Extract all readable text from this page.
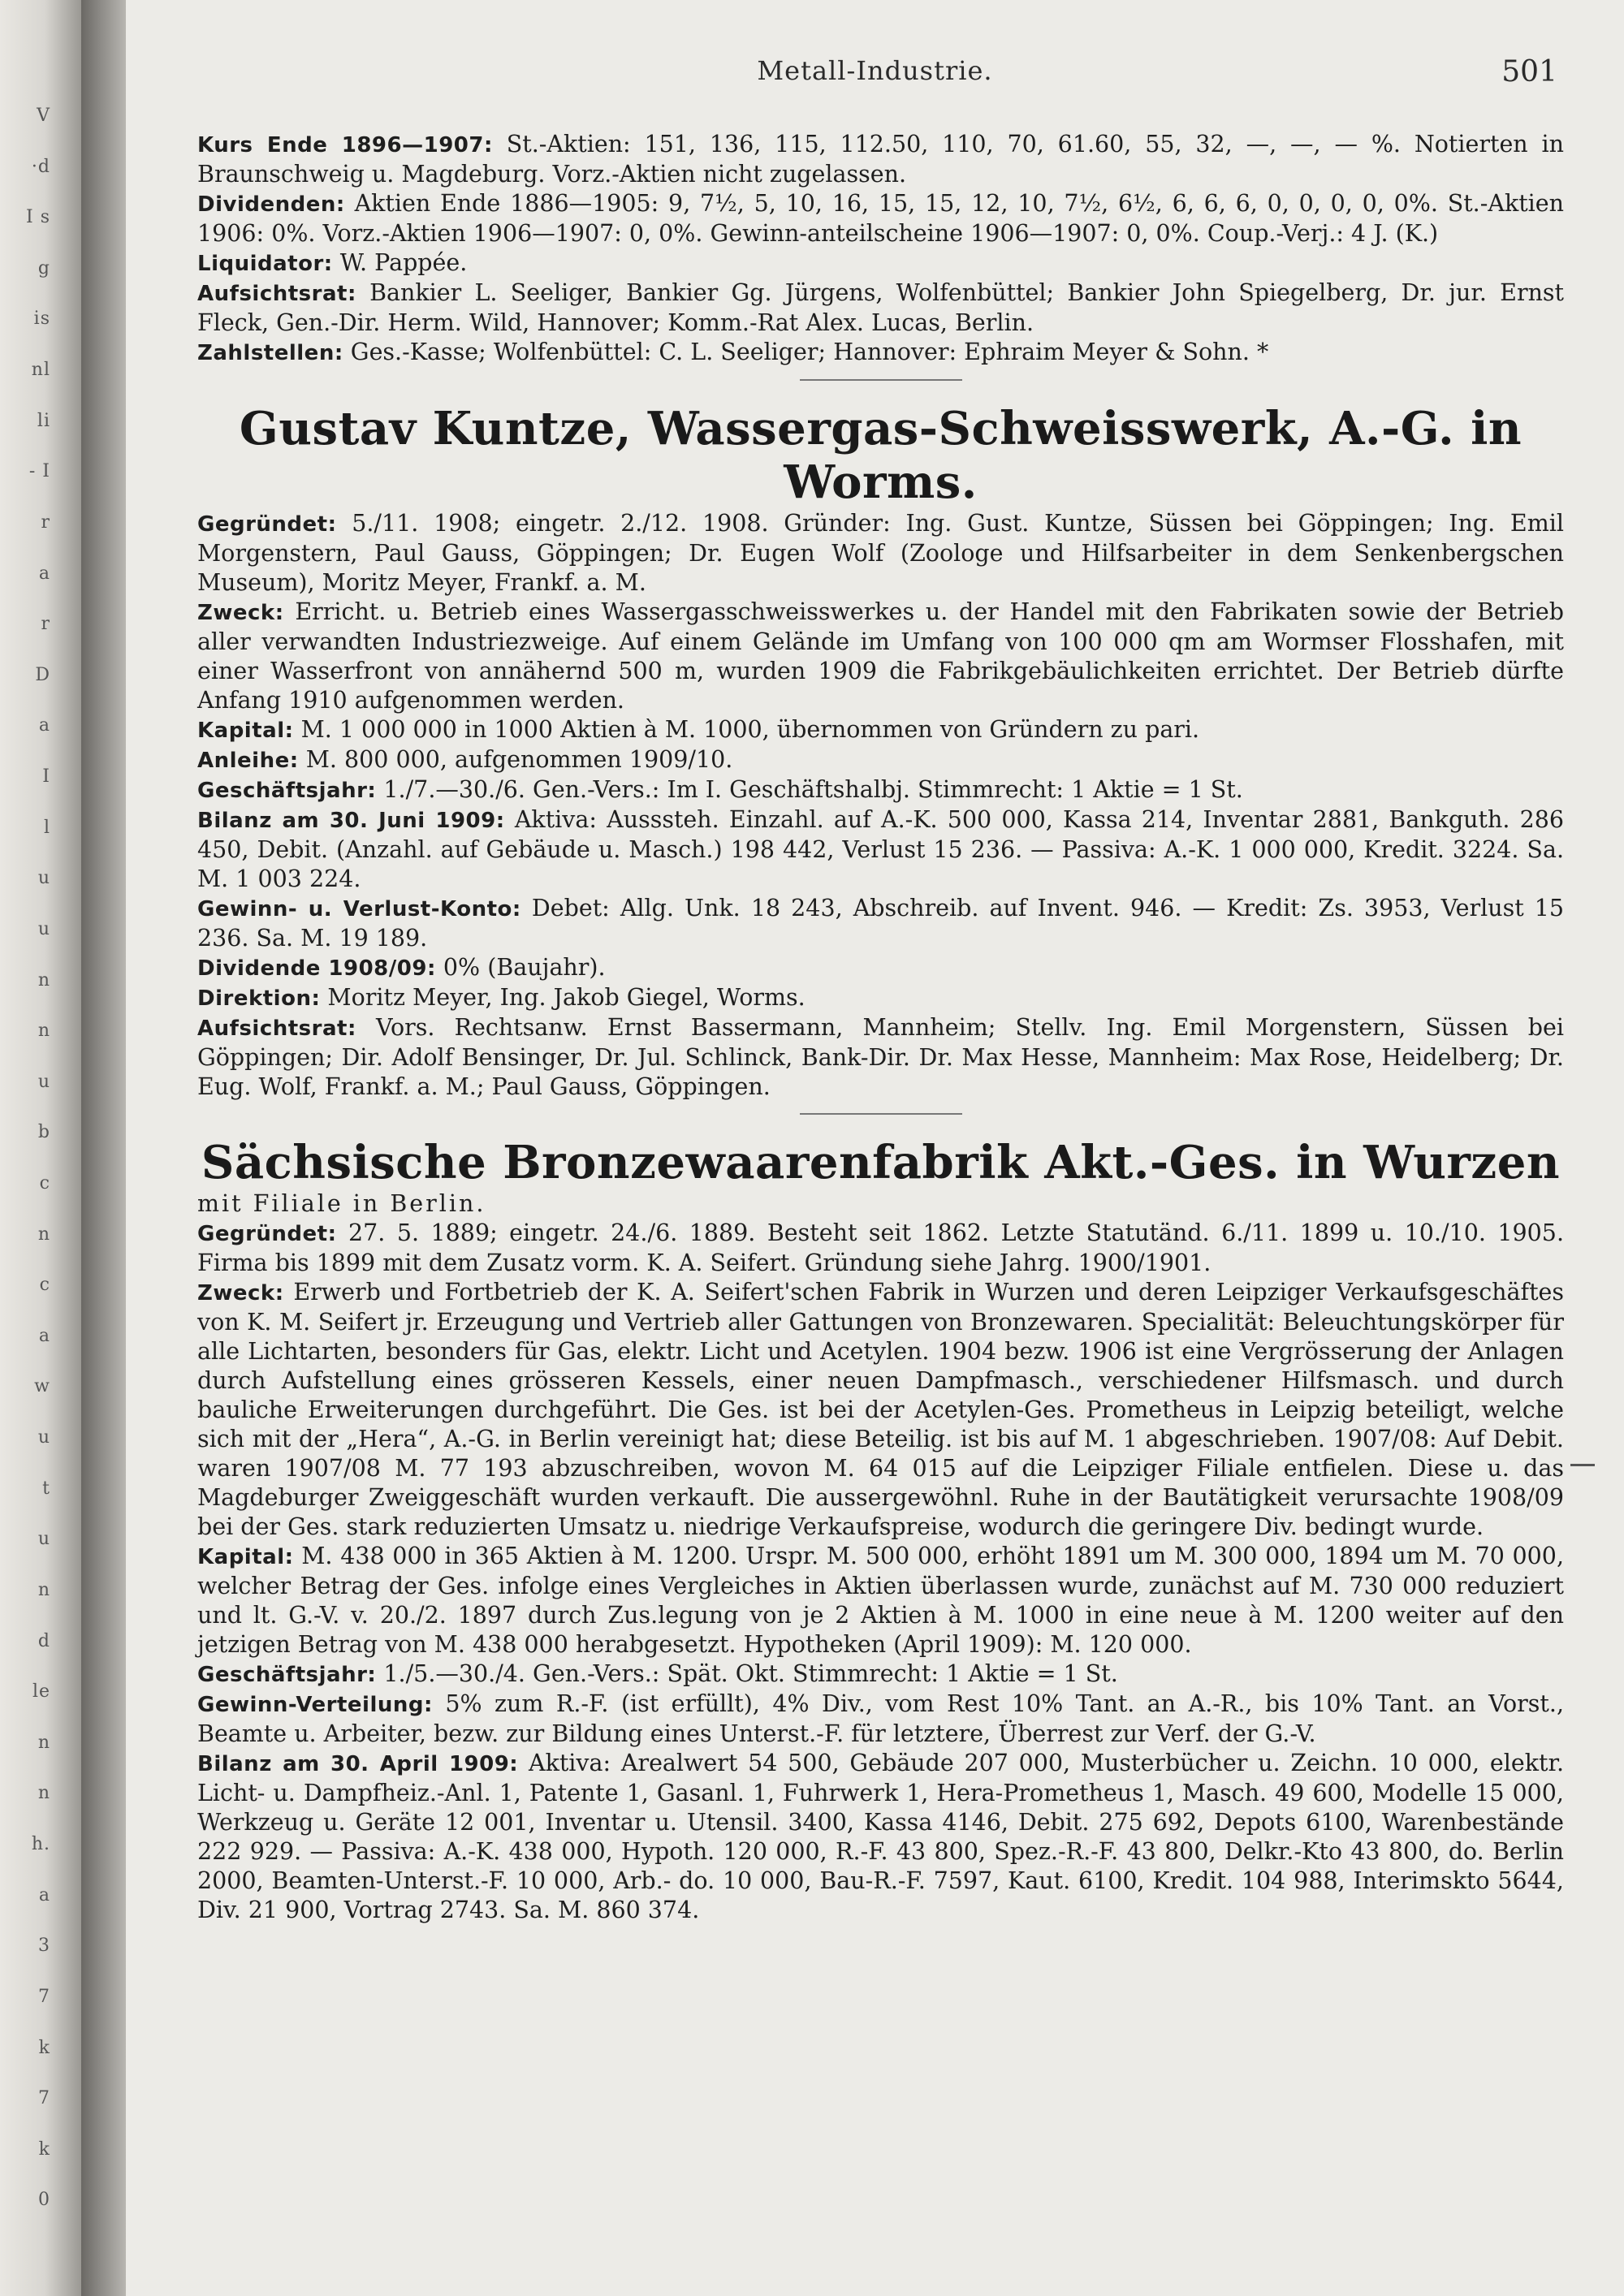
V
·d
I s
g
is
nl
li
- I
r
a
r
D
a
I
l
u
u
n
n
u
b
c
n
c
a
w
u
t
u
n
d
le
n
n
h.
a
3
7
k
7
k
0
Metall-Industrie.	501

Kurs Ende 1896—1907: St.-Aktien: 151, 136, 115, 112.50, 110, 70, 61.60, 55, 32, —, —, — %. Notierten in Braunschweig u. Magdeburg. Vorz.-Aktien nicht zugelassen.

Dividenden: Aktien Ende 1886—1905: 9, 7½, 5, 10, 16, 15, 15, 12, 10, 7½, 6½, 6, 6, 6, 0, 0, 0, 0, 0%. St.-Aktien 1906: 0%. Vorz.-Aktien 1906—1907: 0, 0%. Gewinn-anteilscheine 1906—1907: 0, 0%. Coup.-Verj.: 4 J. (K.)

Liquidator: W. Pappée.

Aufsichtsrat: Bankier L. Seeliger, Bankier Gg. Jürgens, Wolfenbüttel; Bankier John Spiegelberg, Dr. jur. Ernst Fleck, Gen.-Dir. Herm. Wild, Hannover; Komm.-Rat Alex. Lucas, Berlin.

Zahlstellen: Ges.-Kasse; Wolfenbüttel: C. L. Seeliger; Hannover: Ephraim Meyer & Sohn. *

Gustav Kuntze, Wassergas-Schweisswerk, A.-G. in Worms.

Gegründet: 5./11. 1908; eingetr. 2./12. 1908. Gründer: Ing. Gust. Kuntze, Süssen bei Göppingen; Ing. Emil Morgenstern, Paul Gauss, Göppingen; Dr. Eugen Wolf (Zoologe und Hilfsarbeiter in dem Senkenbergschen Museum), Moritz Meyer, Frankf. a. M.

Zweck: Erricht. u. Betrieb eines Wassergasschweisswerkes u. der Handel mit den Fabrikaten sowie der Betrieb aller verwandten Industriezweige. Auf einem Gelände im Umfang von 100 000 qm am Wormser Flosshafen, mit einer Wasserfront von annähernd 500 m, wurden 1909 die Fabrikgebäulichkeiten errichtet. Der Betrieb dürfte Anfang 1910 aufgenommen werden.

Kapital: M. 1 000 000 in 1000 Aktien à M. 1000, übernommen von Gründern zu pari.

Anleihe: M. 800 000, aufgenommen 1909/10.

Geschäftsjahr: 1./7.—30./6. Gen.-Vers.: Im I. Geschäftshalbj. Stimmrecht: 1 Aktie = 1 St.

Bilanz am 30. Juni 1909: Aktiva: Ausssteh. Einzahl. auf A.-K. 500 000, Kassa 214, Inventar 2881, Bankguth. 286 450, Debit. (Anzahl. auf Gebäude u. Masch.) 198 442, Verlust 15 236. — Passiva: A.-K. 1 000 000, Kredit. 3224. Sa. M. 1 003 224.

Gewinn- u. Verlust-Konto: Debet: Allg. Unk. 18 243, Abschreib. auf Invent. 946. — Kredit: Zs. 3953, Verlust 15 236. Sa. M. 19 189.

Dividende 1908/09: 0% (Baujahr).

Direktion: Moritz Meyer, Ing. Jakob Giegel, Worms.

Aufsichtsrat: Vors. Rechtsanw. Ernst Bassermann, Mannheim; Stellv. Ing. Emil Morgenstern, Süssen bei Göppingen; Dir. Adolf Bensinger, Dr. Jul. Schlinck, Bank-Dir. Dr. Max Hesse, Mannheim: Max Rose, Heidelberg; Dr. Eug. Wolf, Frankf. a. M.; Paul Gauss, Göppingen.

Sächsische Bronzewaarenfabrik Akt.-Ges. in Wurzen

mit Filiale in Berlin.

Gegründet: 27. 5. 1889; eingetr. 24./6. 1889. Besteht seit 1862. Letzte Statutänd. 6./11. 1899 u. 10./10. 1905. Firma bis 1899 mit dem Zusatz vorm. K. A. Seifert. Gründung siehe Jahrg. 1900/1901.

Zweck: Erwerb und Fortbetrieb der K. A. Seifert'schen Fabrik in Wurzen und deren Leipziger Verkaufsgeschäftes von K. M. Seifert jr. Erzeugung und Vertrieb aller Gattungen von Bronzewaren. Specialität: Beleuchtungskörper für alle Lichtarten, besonders für Gas, elektr. Licht und Acetylen. 1904 bezw. 1906 ist eine Vergrösserung der Anlagen durch Aufstellung eines grösseren Kessels, einer neuen Dampfmasch., verschiedener Hilfsmasch. und durch bauliche Erweiterungen durchgeführt. Die Ges. ist bei der Acetylen-Ges. Prometheus in Leipzig beteiligt, welche sich mit der „Hera“, A.-G. in Berlin vereinigt hat; diese Beteilig. ist bis auf M. 1 abgeschrieben. 1907/08: Auf Debit. waren 1907/08 M. 77 193 abzuschreiben, wovon M. 64 015 auf die Leipziger Filiale entfielen. Diese u. das Magdeburger Zweiggeschäft wurden verkauft. Die aussergewöhnl. Ruhe in der Bautätigkeit verursachte 1908/09 bei der Ges. stark reduzierten Umsatz u. niedrige Verkaufspreise, wodurch die geringere Div. bedingt wurde.

Kapital: M. 438 000 in 365 Aktien à M. 1200. Urspr. M. 500 000, erhöht 1891 um M. 300 000, 1894 um M. 70 000, welcher Betrag der Ges. infolge eines Vergleiches in Aktien überlassen wurde, zunächst auf M. 730 000 reduziert und lt. G.-V. v. 20./2. 1897 durch Zus.legung von je 2 Aktien à M. 1000 in eine neue à M. 1200 weiter auf den jetzigen Betrag von M. 438 000 herabgesetzt. Hypotheken (April 1909): M. 120 000.

Geschäftsjahr: 1./5.—30./4. Gen.-Vers.: Spät. Okt. Stimmrecht: 1 Aktie = 1 St.

Gewinn-Verteilung: 5% zum R.-F. (ist erfüllt), 4% Div., vom Rest 10% Tant. an A.-R., bis 10% Tant. an Vorst., Beamte u. Arbeiter, bezw. zur Bildung eines Unterst.-F. für letztere, Überrest zur Verf. der G.-V.

Bilanz am 30. April 1909: Aktiva: Arealwert 54 500, Gebäude 207 000, Musterbücher u. Zeichn. 10 000, elektr. Licht- u. Dampfheiz.-Anl. 1, Patente 1, Gasanl. 1, Fuhrwerk 1, Hera-Prometheus 1, Masch. 49 600, Modelle 15 000, Werkzeug u. Geräte 12 001, Inventar u. Utensil. 3400, Kassa 4146, Debit. 275 692, Depots 6100, Warenbestände 222 929. — Passiva: A.-K. 438 000, Hypoth. 120 000, R.-F. 43 800, Spez.-R.-F. 43 800, Delkr.-Kto 43 800, do. Berlin 2000, Beamten-Unterst.-F. 10 000, Arb.- do. 10 000, Bau-R.-F. 7597, Kaut. 6100, Kredit. 104 988, Interimskto 5644, Div. 21 900, Vortrag 2743. Sa. M. 860 374.
